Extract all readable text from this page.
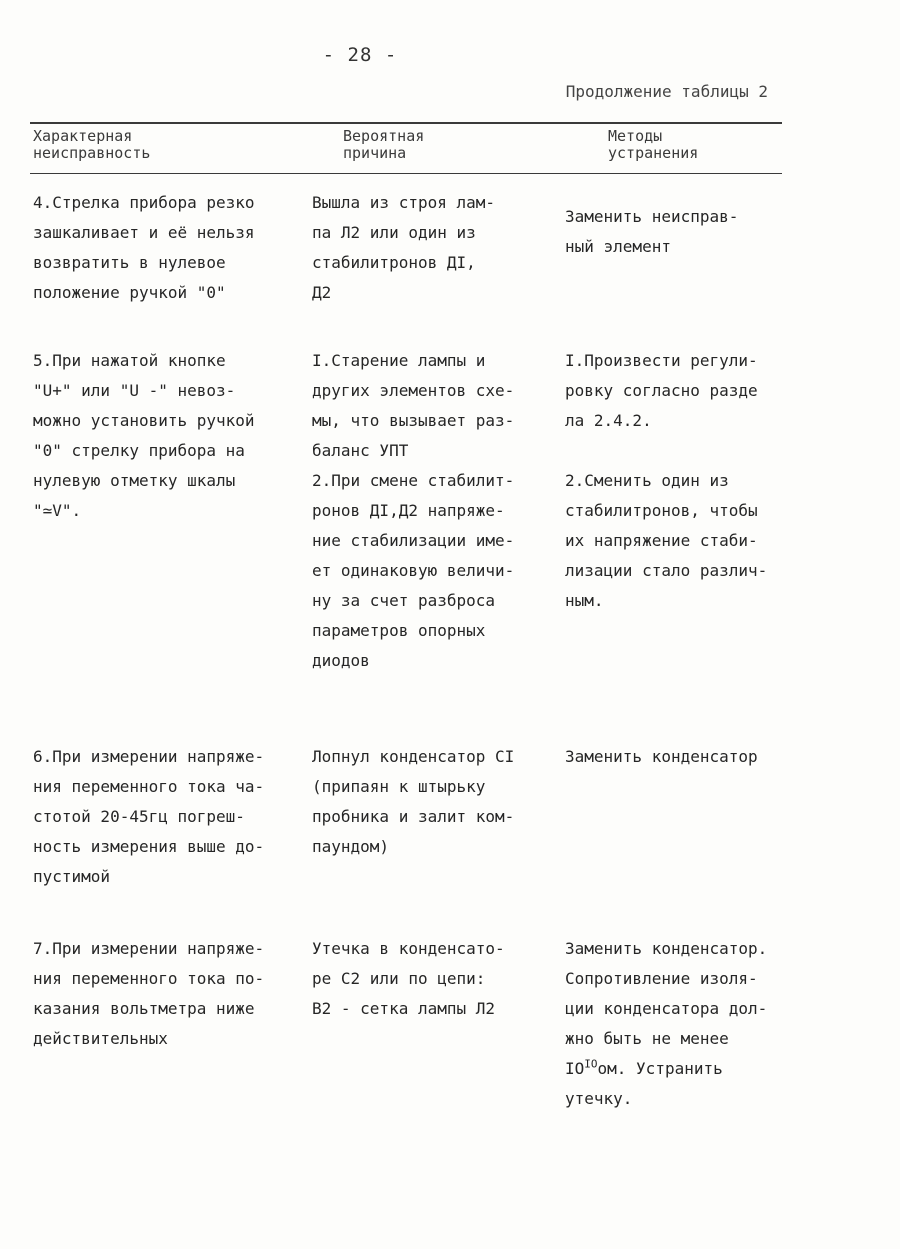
- 28 -
Продолжение таблицы 2
Характерная
неисправность
Вероятная
причина
Методы
устранения
4.Стрелка прибора резко
зашкаливает и её нельзя
возвратить в нулевое
положение ручкой "0"
Вышла из строя лам-
па Л2 или один из
стабилитронов ДI,
Д2
Заменить неисправ-
ный элемент
5.При нажатой кнопке
"U+" или "U -" невоз-
можно установить ручкой
"0" стрелку прибора на
нулевую отметку шкалы
"≃V".
I.Старение лампы и
других элементов схе-
мы, что вызывает раз-
баланс УПТ
2.При смене стабилит-
ронов ДI,Д2 напряже-
ние стабилизации име-
ет одинаковую величи-
ну за счет разброса
параметров опорных
диодов
I.Произвести регули-
ровку согласно разде
ла 2.4.2.

2.Сменить один из
стабилитронов, чтобы
их напряжение стаби-
лизации стало различ-
ным.
6.При измерении напряже-
ния переменного тока ча-
стотой 20-45гц погреш-
ность измерения выше до-
пустимой
Лопнул конденсатор CI
(припаян к штырьку
пробника и залит ком-
паундом)
Заменить конденсатор
7.При измерении напряже-
ния переменного тока по-
казания вольтметра ниже
действительных
Утечка в конденсато-
ре C2 или по цепи:
В2 - сетка лампы Л2
Заменить конденсатор.
Сопротивление изоля-
ции конденсатора дол-
жно быть не менее
$IO^{IO}ом$. Устранить
утечку.
